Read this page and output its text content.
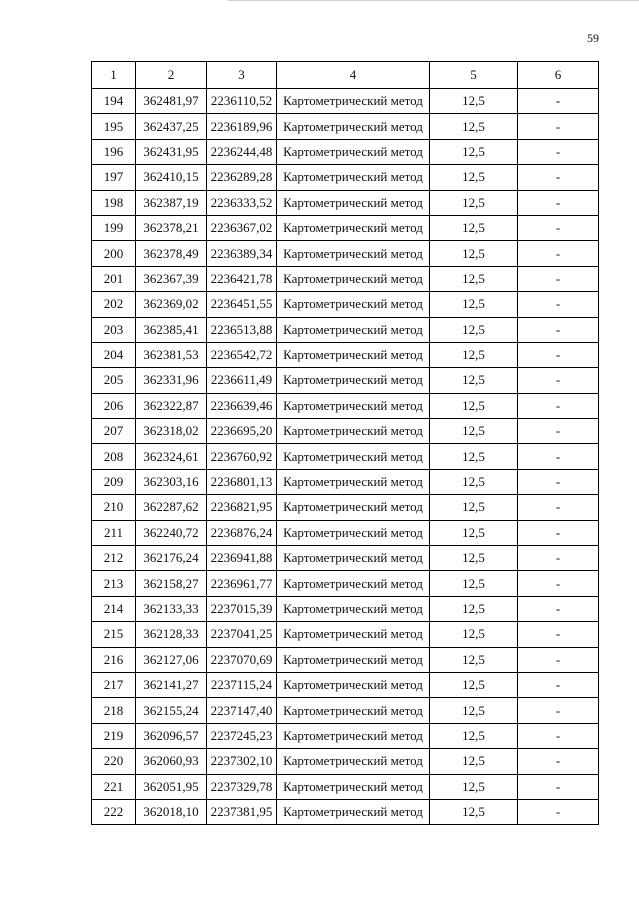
59
1	2	3	4	5	6
194	362481,97	2236110,52	Картометрический метод	12,5	-
195	362437,25	2236189,96	Картометрический метод	12,5	-
196	362431,95	2236244,48	Картометрический метод	12,5	-
197	362410,15	2236289,28	Картометрический метод	12,5	-
198	362387,19	2236333,52	Картометрический метод	12,5	-
199	362378,21	2236367,02	Картометрический метод	12,5	-
200	362378,49	2236389,34	Картометрический метод	12,5	-
201	362367,39	2236421,78	Картометрический метод	12,5	-
202	362369,02	2236451,55	Картометрический метод	12,5	-
203	362385,41	2236513,88	Картометрический метод	12,5	-
204	362381,53	2236542,72	Картометрический метод	12,5	-
205	362331,96	2236611,49	Картометрический метод	12,5	-
206	362322,87	2236639,46	Картометрический метод	12,5	-
207	362318,02	2236695,20	Картометрический метод	12,5	-
208	362324,61	2236760,92	Картометрический метод	12,5	-
209	362303,16	2236801,13	Картометрический метод	12,5	-
210	362287,62	2236821,95	Картометрический метод	12,5	-
211	362240,72	2236876,24	Картометрический метод	12,5	-
212	362176,24	2236941,88	Картометрический метод	12,5	-
213	362158,27	2236961,77	Картометрический метод	12,5	-
214	362133,33	2237015,39	Картометрический метод	12,5	-
215	362128,33	2237041,25	Картометрический метод	12,5	-
216	362127,06	2237070,69	Картометрический метод	12,5	-
217	362141,27	2237115,24	Картометрический метод	12,5	-
218	362155,24	2237147,40	Картометрический метод	12,5	-
219	362096,57	2237245,23	Картометрический метод	12,5	-
220	362060,93	2237302,10	Картометрический метод	12,5	-
221	362051,95	2237329,78	Картометрический метод	12,5	-
222	362018,10	2237381,95	Картометрический метод	12,5	-
